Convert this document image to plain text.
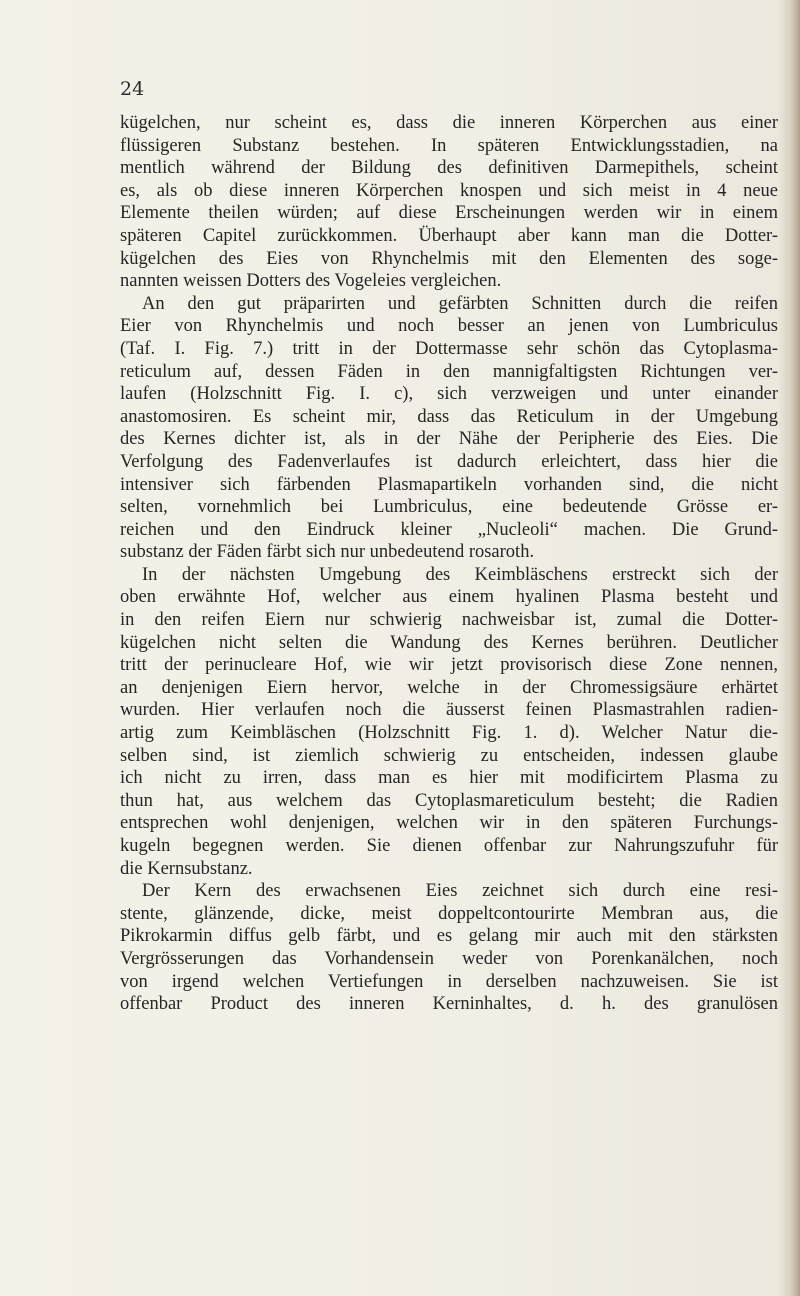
24
kügelchen, nur scheint es, dass die inneren Körperchen aus einer
flüssigeren Substanz bestehen. In späteren Entwicklungsstadien, na
mentlich während der Bildung des definitiven Darmepithels, scheint
es, als ob diese inneren Körperchen knospen und sich meist in 4 neue
Elemente theilen würden; auf diese Erscheinungen werden wir in einem
späteren Capitel zurückkommen. Überhaupt aber kann man die Dotter-
kügelchen des Eies von Rhynchelmis mit den Elementen des soge-
nannten weissen Dotters des Vogeleies vergleichen.
An den gut präparirten und gefärbten Schnitten durch die reifen
Eier von Rhynchelmis und noch besser an jenen von Lumbriculus
(Taf. I. Fig. 7.) tritt in der Dottermasse sehr schön das Cytoplasma-
reticulum auf, dessen Fäden in den mannigfaltigsten Richtungen ver-
laufen (Holzschnitt Fig. I. c), sich verzweigen und unter einander
anastomosiren. Es scheint mir, dass das Reticulum in der Umgebung
des Kernes dichter ist, als in der Nähe der Peripherie des Eies. Die
Verfolgung des Fadenverlaufes ist dadurch erleichtert, dass hier die
intensiver sich färbenden Plasmapartikeln vorhanden sind, die nicht
selten, vornehmlich bei Lumbriculus, eine bedeutende Grösse er-
reichen und den Eindruck kleiner „Nucleoli“ machen. Die Grund-
substanz der Fäden färbt sich nur unbedeutend rosaroth.
In der nächsten Umgebung des Keimbläschens erstreckt sich der
oben erwähnte Hof, welcher aus einem hyalinen Plasma besteht und
in den reifen Eiern nur schwierig nachweisbar ist, zumal die Dotter-
kügelchen nicht selten die Wandung des Kernes berühren. Deutlicher
tritt der perinucleare Hof, wie wir jetzt provisorisch diese Zone nennen,
an denjenigen Eiern hervor, welche in der Chromessigsäure erhärtet
wurden. Hier verlaufen noch die äusserst feinen Plasmastrahlen radien-
artig zum Keimbläschen (Holzschnitt Fig. 1. d). Welcher Natur die-
selben sind, ist ziemlich schwierig zu entscheiden, indessen glaube
ich nicht zu irren, dass man es hier mit modificirtem Plasma zu
thun hat, aus welchem das Cytoplasmareticulum besteht; die Radien
entsprechen wohl denjenigen, welchen wir in den späteren Furchungs-
kugeln begegnen werden. Sie dienen offenbar zur Nahrungszufuhr für
die Kernsubstanz.
Der Kern des erwachsenen Eies zeichnet sich durch eine resi-
stente, glänzende, dicke, meist doppeltcontourirte Membran aus, die
Pikrokarmin diffus gelb färbt, und es gelang mir auch mit den stärksten
Vergrösserungen das Vorhandensein weder von Porenkanälchen, noch
von irgend welchen Vertiefungen in derselben nachzuweisen. Sie ist
offenbar Product des inneren Kerninhaltes, d. h. des granulösen
